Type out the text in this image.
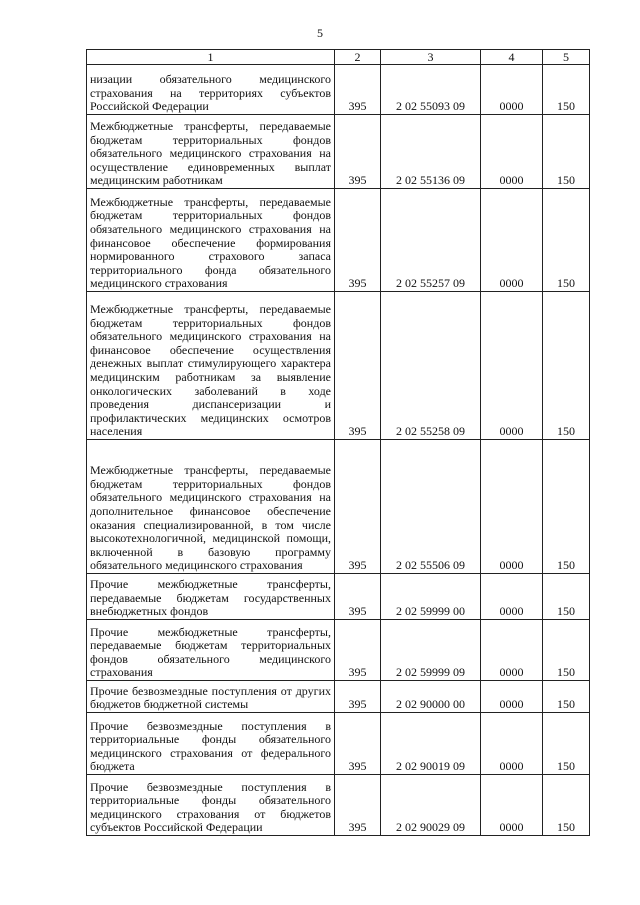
5
1	2	3	4	5
низации обязательного медицинского страхования на территориях субъектов Российской Федерации	395	2 02 55093 09	0000	150
Межбюджетные трансферты, передаваемые бюджетам территориальных фондов обязательного медицинского страхования на осуществление единовременных выплат медицинским работникам	395	2 02 55136 09	0000	150
Межбюджетные трансферты, передаваемые бюджетам территориальных фондов обязательного медицинского страхования на финансовое обеспечение формирования нормированного страхового запаса территориального фонда обязательного медицинского страхования	395	2 02 55257 09	0000	150
Межбюджетные трансферты, передаваемые бюджетам территориальных фондов обязательного медицинского страхования на финансовое обеспечение осуществления денежных выплат стимулирующего характера медицинским работникам за выявление онкологических заболеваний в ходе проведения диспансеризации и профилактических медицинских осмотров населения	395	2 02 55258 09	0000	150
Межбюджетные трансферты, передаваемые бюджетам территориальных фондов обязательного медицинского страхования на дополнительное финансовое обеспечение оказания специализированной, в том числе высокотехнологичной, медицинской помощи, включенной в базовую программу обязательного медицинского страхования	395	2 02 55506 09	0000	150
Прочие межбюджетные трансферты, передаваемые бюджетам государственных внебюджетных фондов	395	2 02 59999 00	0000	150
Прочие межбюджетные трансферты, передаваемые бюджетам территориальных фондов обязательного медицинского страхования	395	2 02 59999 09	0000	150
Прочие безвозмездные поступления от других бюджетов бюджетной системы	395	2 02 90000 00	0000	150
Прочие безвозмездные поступления в территориальные фонды обязательного медицинского страхования от федерального бюджета	395	2 02 90019 09	0000	150
Прочие безвозмездные поступления в территориальные фонды обязательного медицинского страхования от бюджетов субъектов Российской Федерации	395	2 02 90029 09	0000	150
